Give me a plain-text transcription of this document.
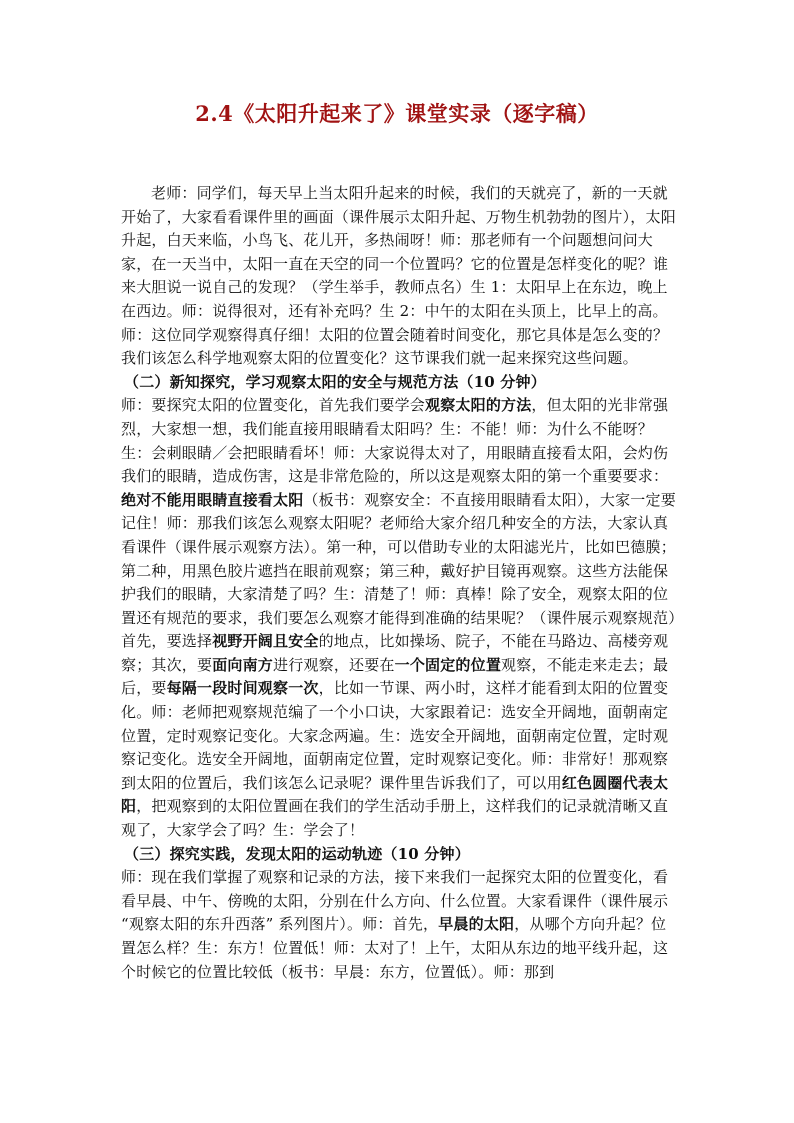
2.4《太阳升起来了》课堂实录（逐字稿）

老师：同学们，每天早上当太阳升起来的时候，我们的天就亮了，新的一天就开始了，大家看看课件里的画面（课件展示太阳升起、万物生机勃勃的图片），太阳升起，白天来临，小鸟飞、花儿开，多热闹呀！师：那老师有一个问题想问问大家，在一天当中，太阳一直在天空的同一个位置吗？它的位置是怎样变化的呢？谁来大胆说一说自己的发现？（学生举手，教师点名）生 1：太阳早上在东边，晚上在西边。师：说得很对，还有补充吗？生 2：中午的太阳在头顶上，比早上的高。师：这位同学观察得真仔细！太阳的位置会随着时间变化，那它具体是怎么变的？我们该怎么科学地观察太阳的位置变化？这节课我们就一起来探究这些问题。

（二）新知探究，学习观察太阳的安全与规范方法（10 分钟）

师：要探究太阳的位置变化，首先我们要学会观察太阳的方法，但太阳的光非常强烈，大家想一想，我们能直接用眼睛看太阳吗？生：不能！师：为什么不能呀？生：会刺眼睛／会把眼睛看坏！师：大家说得太对了，用眼睛直接看太阳，会灼伤我们的眼睛，造成伤害，这是非常危险的，所以这是观察太阳的第一个重要要求：绝对不能用眼睛直接看太阳（板书：观察安全：不直接用眼睛看太阳），大家一定要记住！师：那我们该怎么观察太阳呢？老师给大家介绍几种安全的方法，大家认真看课件（课件展示观察方法）。第一种，可以借助专业的太阳滤光片，比如巴德膜；第二种，用黑色胶片遮挡在眼前观察；第三种，戴好护目镜再观察。这些方法能保护我们的眼睛，大家清楚了吗？生：清楚了！师：真棒！除了安全，观察太阳的位置还有规范的要求，我们要怎么观察才能得到准确的结果呢？（课件展示观察规范）首先，要选择视野开阔且安全的地点，比如操场、院子，不能在马路边、高楼旁观察；其次，要面向南方进行观察，还要在一个固定的位置观察，不能走来走去；最后，要每隔一段时间观察一次，比如一节课、两小时，这样才能看到太阳的位置变化。师：老师把观察规范编了一个小口诀，大家跟着记：选安全开阔地，面朝南定位置，定时观察记变化。大家念两遍。生：选安全开阔地，面朝南定位置，定时观察记变化。选安全开阔地，面朝南定位置，定时观察记变化。师：非常好！那观察到太阳的位置后，我们该怎么记录呢？课件里告诉我们了，可以用红色圆圈代表太阳，把观察到的太阳位置画在我们的学生活动手册上，这样我们的记录就清晰又直观了，大家学会了吗？生：学会了！

（三）探究实践，发现太阳的运动轨迹（10 分钟）

师：现在我们掌握了观察和记录的方法，接下来我们一起探究太阳的位置变化，看看早晨、中午、傍晚的太阳，分别在什么方向、什么位置。大家看课件（课件展示 “观察太阳的东升西落” 系列图片）。师：首先，早晨的太阳，从哪个方向升起？位置怎么样？生：东方！位置低！师：太对了！上午，太阳从东边的地平线升起，这个时候它的位置比较低（板书：早晨：东方，位置低）。师：那到
